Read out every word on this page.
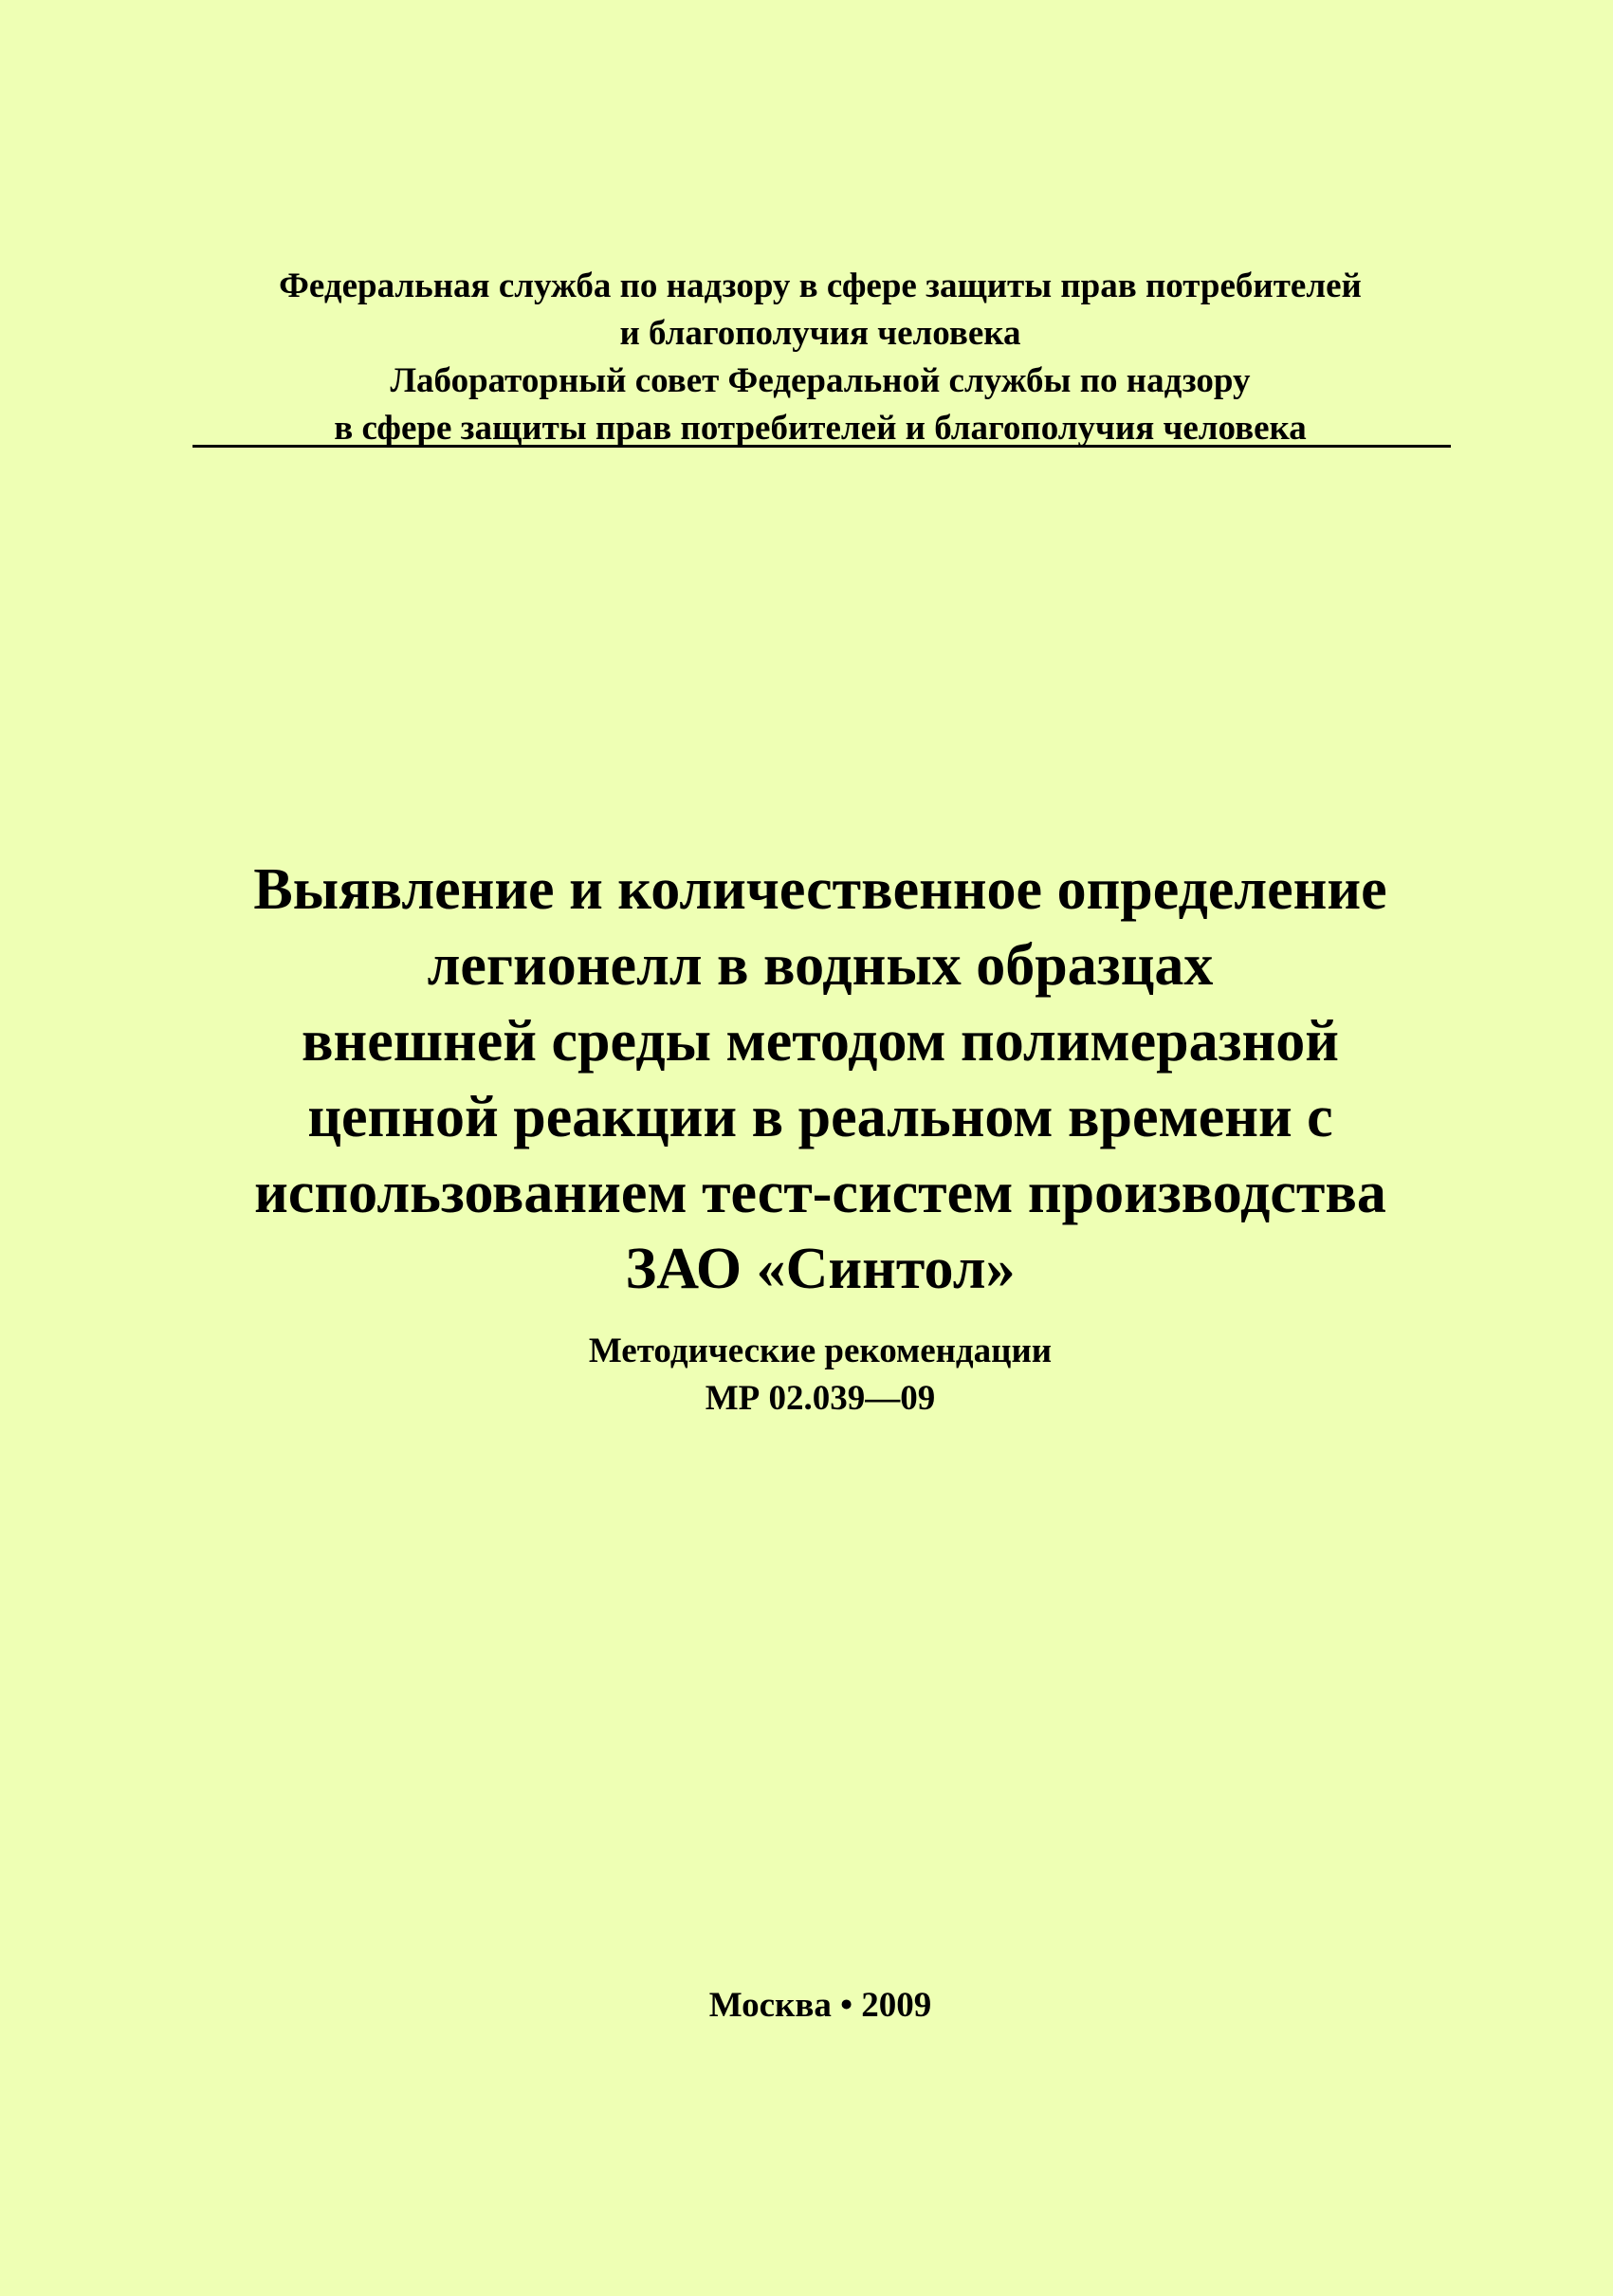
Федеральная служба по надзору в сфере защиты прав потребителей
и благополучия человека
Лабораторный совет Федеральной службы по надзору
в сфере защиты прав потребителей и благополучия человека
Выявление и количественное определение
легионелл в водных образцах
внешней среды методом полимеразной
цепной реакции в реальном времени с
использованием тест-систем производства
ЗАО «Синтол»
Методические рекомендации
МР 02.039—09
Москва • 2009
